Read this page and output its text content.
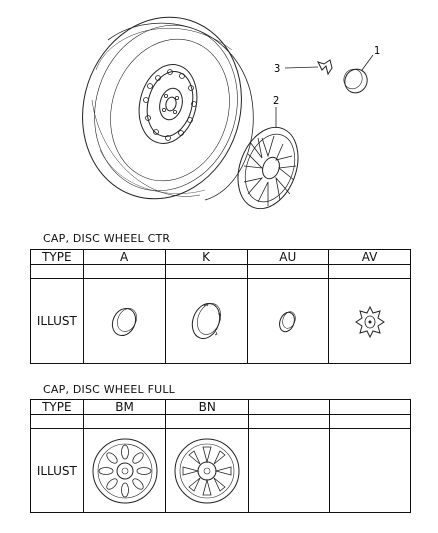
1
3
2
CAP, DISC WHEEL CTR
TYPE	A	K	AU	AV

ILLUST	

CAP, DISC WHEEL FULL
TYPE	BM	BN		

ILLUST	
